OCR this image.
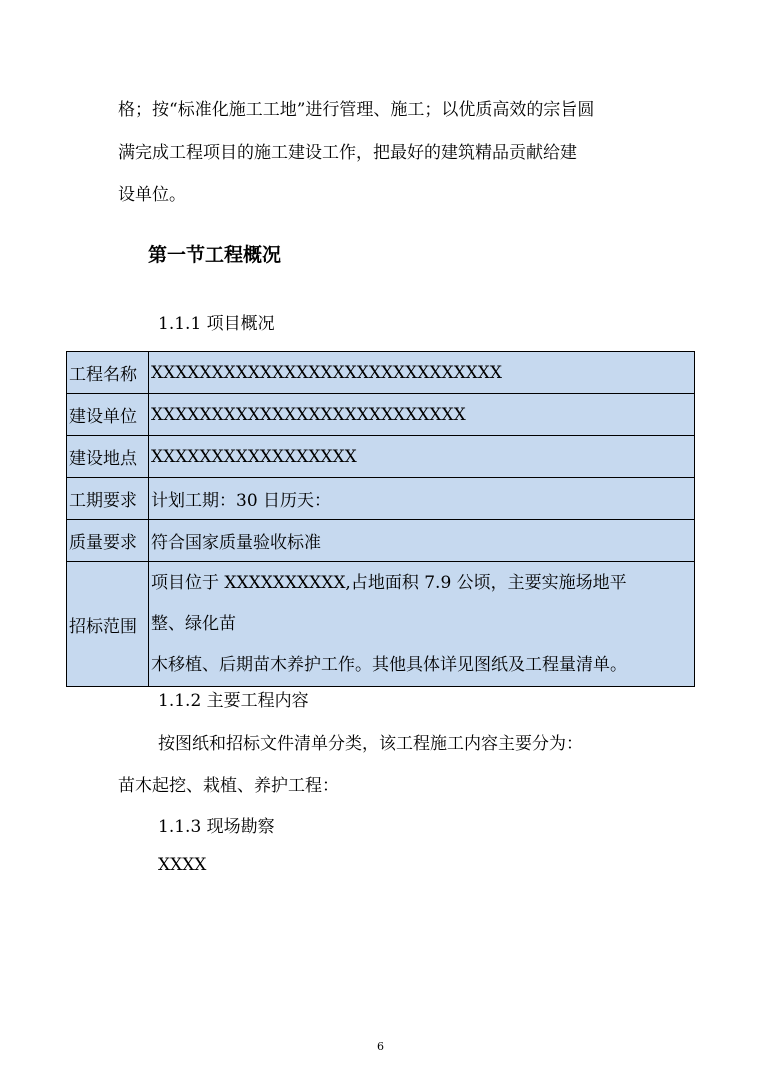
格；按“标准化施工工地”进行管理、施工；以优质高效的宗旨圆

满完成工程项目的施工建设工作，把最好的建筑精品贡献给建

设单位。

第一节工程概况

1.1.1 项目概况

工程名称	XXXXXXXXXXXXXXXXXXXXXXXXXXXXX
建设单位	XXXXXXXXXXXXXXXXXXXXXXXXXX
建设地点	XXXXXXXXXXXXXXXXX
工期要求	计划工期：30 日历天：
质量要求	符合国家质量验收标准
招标范围	项目位于 XXXXXXXXXX,占地面积 7.9 公顷，主要实施场地平
整、绿化苗
木移植、后期苗木养护工作。其他具体详见图纸及工程量清单。

1.1.2 主要工程内容

按图纸和招标文件清单分类，该工程施工内容主要分为：

苗木起挖、栽植、养护工程：

1.1.3 现场勘察

XXXX

6
